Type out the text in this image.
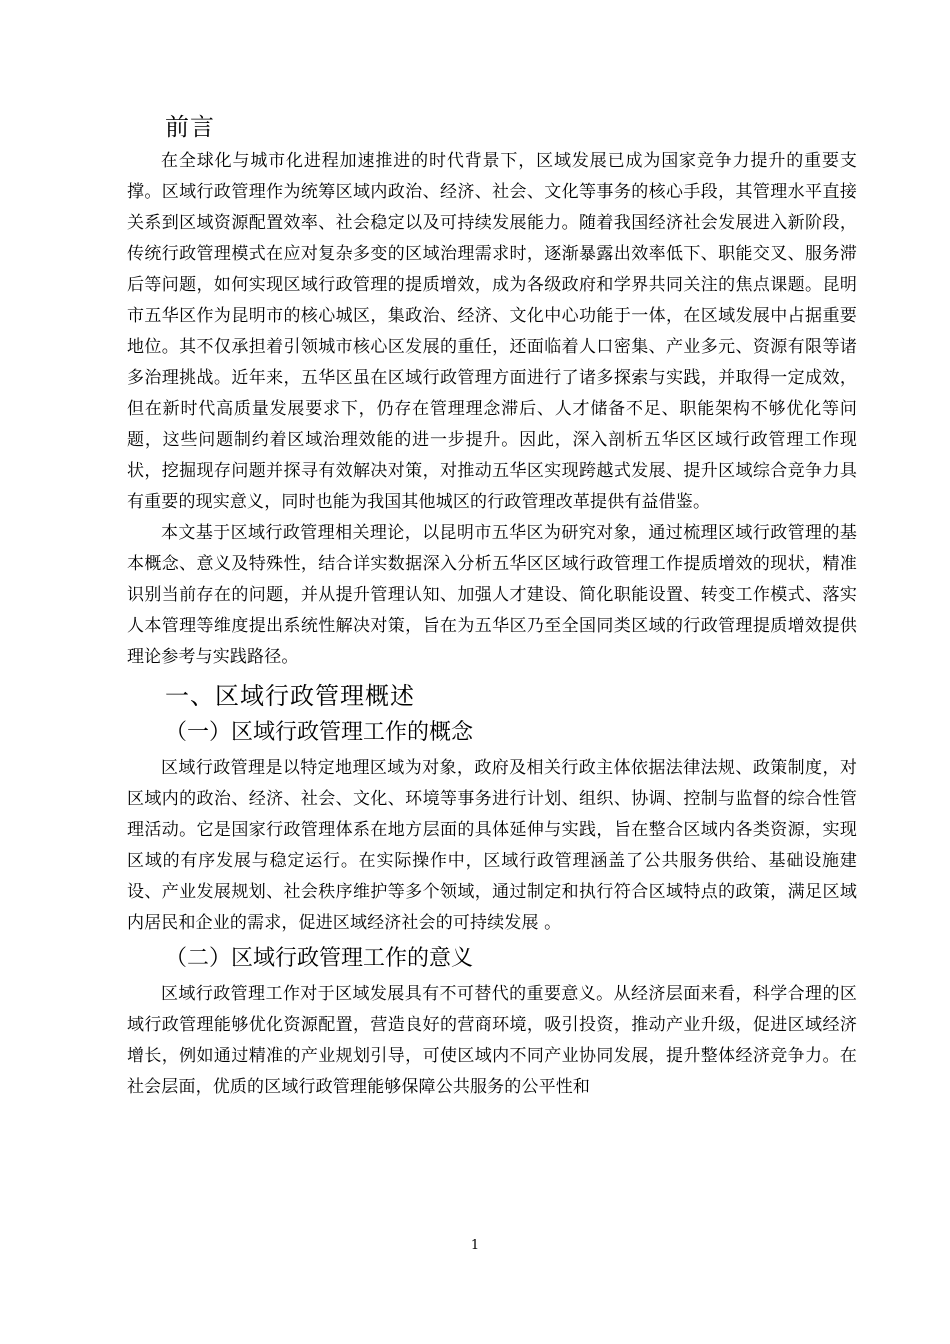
前言

在全球化与城市化进程加速推进的时代背景下，区域发展已成为国家竞争力提升的重要支撑。区域行政管理作为统筹区域内政治、经济、社会、文化等事务的核心手段，其管理水平直接关系到区域资源配置效率、社会稳定以及可持续发展能力。随着我国经济社会发展进入新阶段，传统行政管理模式在应对复杂多变的区域治理需求时，逐渐暴露出效率低下、职能交叉、服务滞后等问题，如何实现区域行政管理的提质增效，成为各级政府和学界共同关注的焦点课题。昆明市五华区作为昆明市的核心城区，集政治、经济、文化中心功能于一体，在区域发展中占据重要地位。其不仅承担着引领城市核心区发展的重任，还面临着人口密集、产业多元、资源有限等诸多治理挑战。近年来，五华区虽在区域行政管理方面进行了诸多探索与实践，并取得一定成效，但在新时代高质量发展要求下，仍存在管理理念滞后、人才储备不足、职能架构不够优化等问题，这些问题制约着区域治理效能的进一步提升。因此，深入剖析五华区区域行政管理工作现状，挖掘现存问题并探寻有效解决对策，对推动五华区实现跨越式发展、提升区域综合竞争力具有重要的现实意义，同时也能为我国其他城区的行政管理改革提供有益借鉴。

本文基于区域行政管理相关理论，以昆明市五华区为研究对象，通过梳理区域行政管理的基本概念、意义及特殊性，结合详实数据深入分析五华区区域行政管理工作提质增效的现状，精准识别当前存在的问题，并从提升管理认知、加强人才建设、简化职能设置、转变工作模式、落实人本管理等维度提出系统性解决对策，旨在为五华区乃至全国同类区域的行政管理提质增效提供理论参考与实践路径。

一、区域行政管理概述
（一）区域行政管理工作的概念

区域行政管理是以特定地理区域为对象，政府及相关行政主体依据法律法规、政策制度，对区域内的政治、经济、社会、文化、环境等事务进行计划、组织、协调、控制与监督的综合性管理活动。它是国家行政管理体系在地方层面的具体延伸与实践，旨在整合区域内各类资源，实现区域的有序发展与稳定运行。在实际操作中，区域行政管理涵盖了公共服务供给、基础设施建设、产业发展规划、社会秩序维护等多个领域，通过制定和执行符合区域特点的政策，满足区域内居民和企业的需求，促进区域经济社会的可持续发展 。

（二）区域行政管理工作的意义

区域行政管理工作对于区域发展具有不可替代的重要意义。从经济层面来看，科学合理的区域行政管理能够优化资源配置，营造良好的营商环境，吸引投资，推动产业升级，促进区域经济增长，例如通过精准的产业规划引导，可使区域内不同产业协同发展，提升整体经济竞争力。在社会层面，优质的区域行政管理能够保障公共服务的公平性和

1
